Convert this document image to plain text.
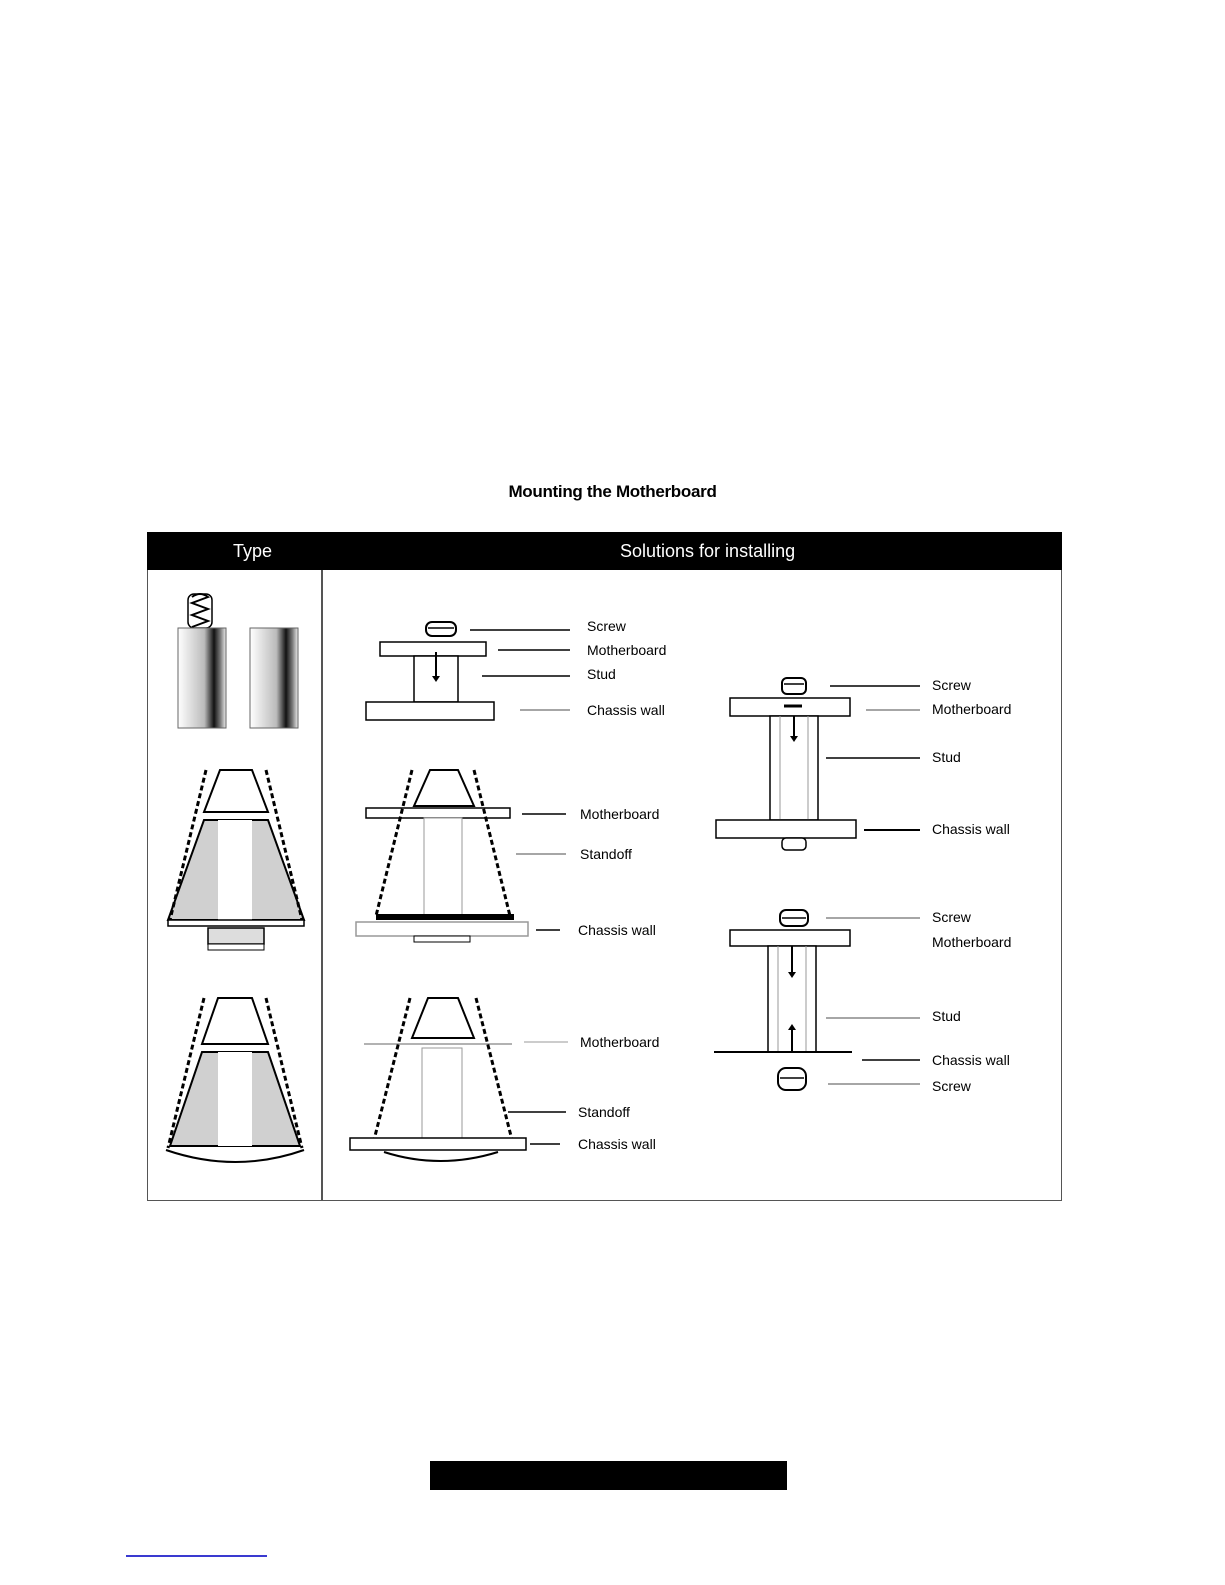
Mounting the Motherboard
Type	Solutions for installing
Screw
Motherboard
Stud
Chassis wall
Motherboard
Standoff
Chassis wall
Motherboard
Standoff
Chassis wall
Screw
Motherboard
Stud
Chassis wall
Screw
Motherboard
Stud
Chassis wall
Screw
